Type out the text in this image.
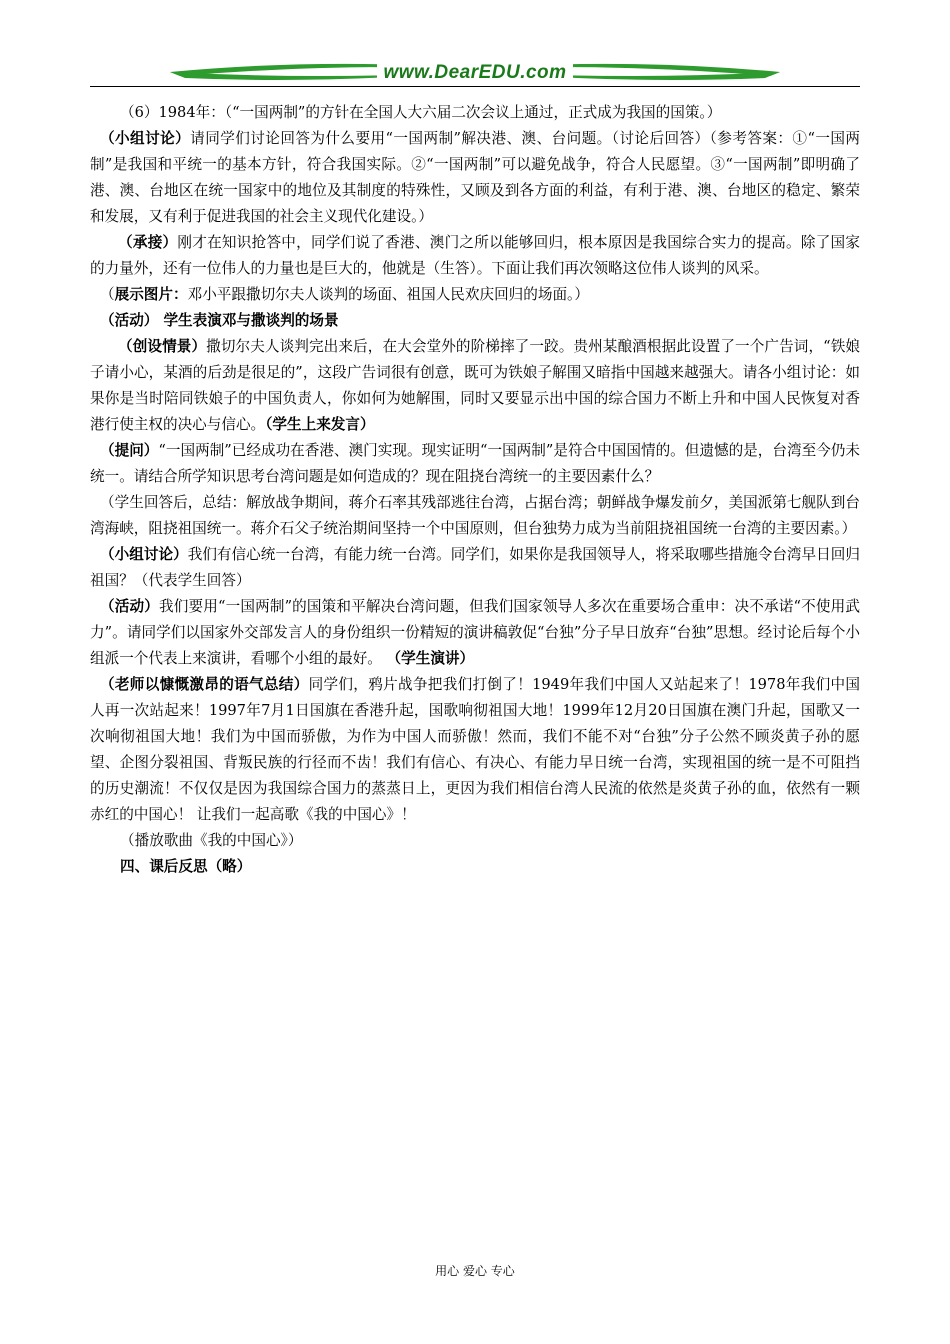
www.DearEDU.com

（6）1984年：（“一国两制”的方针在全国人大六届二次会议上通过，正式成为我国的国策。）

（小组讨论）请同学们讨论回答为什么要用“一国两制”解决港、澳、台问题。（讨论后回答）（参考答案：①“一国两制”是我国和平统一的基本方针，符合我国实际。②“一国两制”可以避免战争，符合人民愿望。③“一国两制”即明确了港、澳、台地区在统一国家中的地位及其制度的特殊性，又顾及到各方面的利益，有利于港、澳、台地区的稳定、繁荣和发展，又有利于促进我国的社会主义现代化建设。）

（承接）刚才在知识抢答中，同学们说了香港、澳门之所以能够回归，根本原因是我国综合实力的提高。除了国家的力量外，还有一位伟人的力量也是巨大的，他就是（生答）。下面让我们再次领略这位伟人谈判的风采。

（展示图片：邓小平跟撒切尔夫人谈判的场面、祖国人民欢庆回归的场面。）

（活动） 学生表演邓与撒谈判的场景

（创设情景）撒切尔夫人谈判完出来后，在大会堂外的阶梯摔了一跤。贵州某酿酒根据此设置了一个广告词，“铁娘子请小心，某酒的后劲是很足的”，这段广告词很有创意，既可为铁娘子解围又暗指中国越来越强大。请各小组讨论：如果你是当时陪同铁娘子的中国负责人，你如何为她解围，同时又要显示出中国的综合国力不断上升和中国人民恢复对香港行使主权的决心与信心。（学生上来发言）

（提问）“一国两制”已经成功在香港、澳门实现。现实证明“一国两制”是符合中国国情的。但遗憾的是，台湾至今仍未统一。请结合所学知识思考台湾问题是如何造成的？现在阻挠台湾统一的主要因素什么？

（学生回答后，总结：解放战争期间，蒋介石率其残部逃往台湾，占据台湾；朝鲜战争爆发前夕，美国派第七舰队到台湾海峡，阻挠祖国统一。蒋介石父子统治期间坚持一个中国原则，但台独势力成为当前阻挠祖国统一台湾的主要因素。）

（小组讨论）我们有信心统一台湾，有能力统一台湾。同学们，如果你是我国领导人，将采取哪些措施令台湾早日回归祖国？（代表学生回答）

（活动）我们要用“一国两制”的国策和平解决台湾问题，但我们国家领导人多次在重要场合重申：决不承诺“不使用武力”。请同学们以国家外交部发言人的身份组织一份精短的演讲稿敦促“台独”分子早日放弃“台独”思想。经讨论后每个小组派一个代表上来演讲，看哪个小组的最好。 （学生演讲）

（老师以慷慨激昂的语气总结）同学们，鸦片战争把我们打倒了！1949年我们中国人又站起来了！1978年我们中国人再一次站起来！1997年7月1日国旗在香港升起，国歌响彻祖国大地！1999年12月20日国旗在澳门升起，国歌又一次响彻祖国大地！我们为中国而骄傲，为作为中国人而骄傲！然而，我们不能不对“台独”分子公然不顾炎黄子孙的愿望、企图分裂祖国、背叛民族的行径而不齿！我们有信心、有决心、有能力早日统一台湾，实现祖国的统一是不可阻挡的历史潮流！不仅仅是因为我国综合国力的蒸蒸日上，更因为我们相信台湾人民流的依然是炎黄子孙的血，依然有一颗赤红的中国心！ 让我们一起高歌《我的中国心》！

（播放歌曲《我的中国心》）

四、课后反思（略）

用心 爱心 专心
